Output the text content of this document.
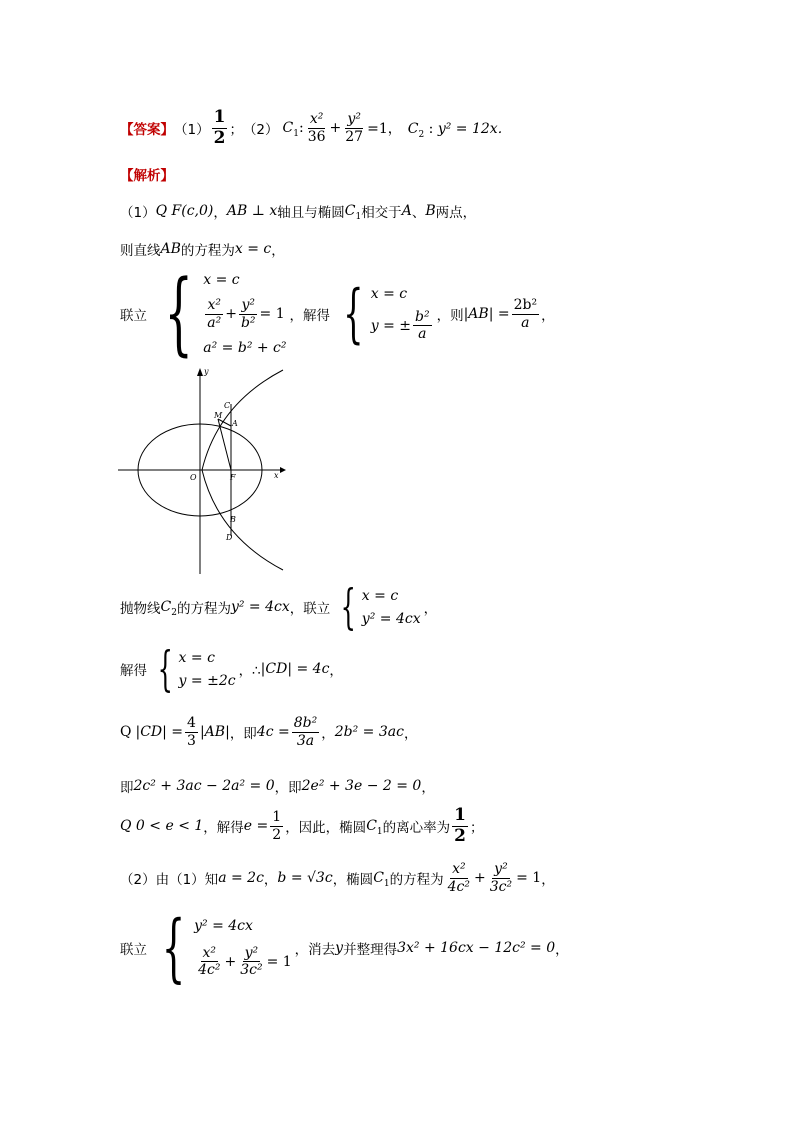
【答案】 $(1) \frac{1}{2}$ ； （2） $C_1$: $\frac{\text{x²}}{36} + \frac{\text{y²}}{27} =1$， $C_2$ : y² = 12x．
【解析】
（1） Q F(c,0) ， AB ⊥ x 轴且与椭圆 $C_1$ 相交于 A 、 B 两点，
则直线 AB 的方程为 x = c ，
联立 { x = c
$\frac{\text{x²}}{\text{a²}} + \frac{\text{y²}}{\text{b²}} = 1$
a² = b² + c²
，解得 { x = c
y = ± $\frac{\text{b²}}{a}$ ，则 $|AB| = \frac{\text{2b²}}{a}$ ，
y
x
O	F
C
M
A
B
D
抛物线 $C_2$ 的方程为 y² = 4cx ，联立 { x = c
y² = 4cx
，
解得 { x = c
y = ±2c
，∴ |CD| = 4c ，
Q $|CD| = \frac{4}{3} |AB|$ ，即 $4c = \frac{\text{8b²}}{3a}$ ， 2b² = 3ac ，
即 2c² + 3ac − 2a² = 0 ，即 2e² + 3e − 2 = 0 ，
Q 0 < e < 1 ，解得 $e = \frac{1}{2}$ ，因此，椭圆 $C_1$ 的离心率为 $\frac{1}{2}$ ；
（2）由（1）知 a = 2c ， b = √3c ，椭圆 $C_1$ 的方程为 $\frac{\text{x²}}{\text{4c²}} + \frac{\text{y²}}{\text{3c²}} = 1$ ，
联立 { y² = 4cx
$\frac{\text{x²}}{\text{4c²}} + \frac{\text{y²}}{\text{3c²}} = 1$
，消去 y 并整理得 3x² + 16cx − 12c² = 0 ，
